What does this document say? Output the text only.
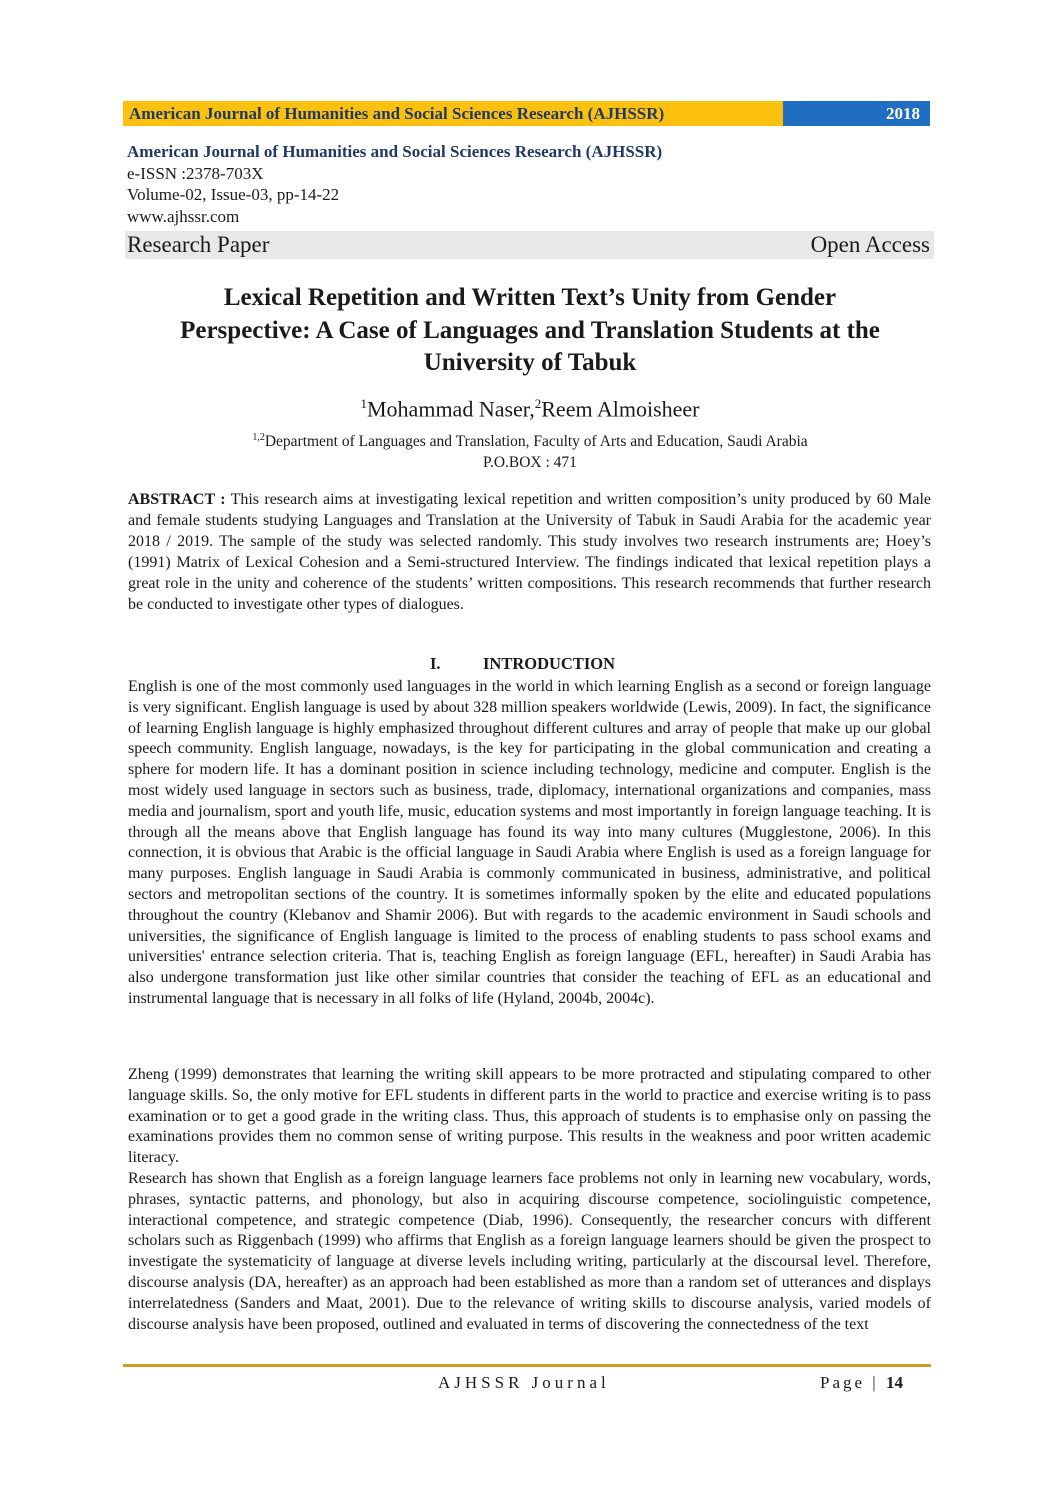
American Journal of Humanities and Social Sciences Research (AJHSSR)	2018
American Journal of Humanities and Social Sciences Research (AJHSSR)
e-ISSN :2378-703X
Volume-02, Issue-03, pp-14-22
www.ajhssr.com
Research Paper	Open Access
Lexical Repetition and Written Text’s Unity from Gender
Perspective: A Case of Languages and Translation Students at the
University of Tabuk
$^1$Mohammad Naser,$^2$Reem Almoisheer
$^{1,2}$Department of Languages and Translation, Faculty of Arts and Education, Saudi Arabia
P.O.BOX : 471
ABSTRACT : This research aims at investigating lexical repetition and written composition’s unity produced by 60 Male and female students studying Languages and Translation at the University of Tabuk in Saudi Arabia for the academic year 2018 / 2019. The sample of the study was selected randomly. This study involves two research instruments are; Hoey’s (1991) Matrix of Lexical Cohesion and a Semi-structured Interview. The findings indicated that lexical repetition plays a great role in the unity and coherence of the students’ written compositions. This research recommends that further research be conducted to investigate other types of dialogues.
I.	INTRODUCTION
English is one of the most commonly used languages in the world in which learning English as a second or foreign language is very significant. English language is used by about 328 million speakers worldwide (Lewis, 2009). In fact, the significance of learning English language is highly emphasized throughout different cultures and array of people that make up our global speech community. English language, nowadays, is the key for participating in the global communication and creating a sphere for modern life. It has a dominant position in science including technology, medicine and computer. English is the most widely used language in sectors such as business, trade, diplomacy, international organizations and companies, mass media and journalism, sport and youth life, music, education systems and most importantly in foreign language teaching. It is through all the means above that English language has found its way into many cultures (Mugglestone, 2006). In this connection, it is obvious that Arabic is the official language in Saudi Arabia where English is used as a foreign language for many purposes. English language in Saudi Arabia is commonly communicated in business, administrative, and political sectors and metropolitan sections of the country. It is sometimes informally spoken by the elite and educated populations throughout the country (Klebanov and Shamir 2006). But with regards to the academic environment in Saudi schools and universities, the significance of English language is limited to the process of enabling students to pass school exams and universities' entrance selection criteria. That is, teaching English as foreign language (EFL, hereafter) in Saudi Arabia has also undergone transformation just like other similar countries that consider the teaching of EFL as an educational and instrumental language that is necessary in all folks of life (Hyland, 2004b, 2004c).
Zheng (1999) demonstrates that learning the writing skill appears to be more protracted and stipulating compared to other language skills. So, the only motive for EFL students in different parts in the world to practice and exercise writing is to pass examination or to get a good grade in the writing class. Thus, this approach of students is to emphasise only on passing the examinations provides them no common sense of writing purpose. This results in the weakness and poor written academic literacy.
Research has shown that English as a foreign language learners face problems not only in learning new vocabulary, words, phrases, syntactic patterns, and phonology, but also in acquiring discourse competence, sociolinguistic competence, interactional competence, and strategic competence (Diab, 1996). Consequently, the researcher concurs with different scholars such as Riggenbach (1999) who affirms that English as a foreign language learners should be given the prospect to investigate the systematicity of language at diverse levels including writing, particularly at the discoursal level. Therefore, discourse analysis (DA, hereafter) as an approach had been established as more than a random set of utterances and displays interrelatedness (Sanders and Maat, 2001). Due to the relevance of writing skills to discourse analysis, varied models of discourse analysis have been proposed, outlined and evaluated in terms of discovering the connectedness of the text
AJHSSR Journal	Page | 14
